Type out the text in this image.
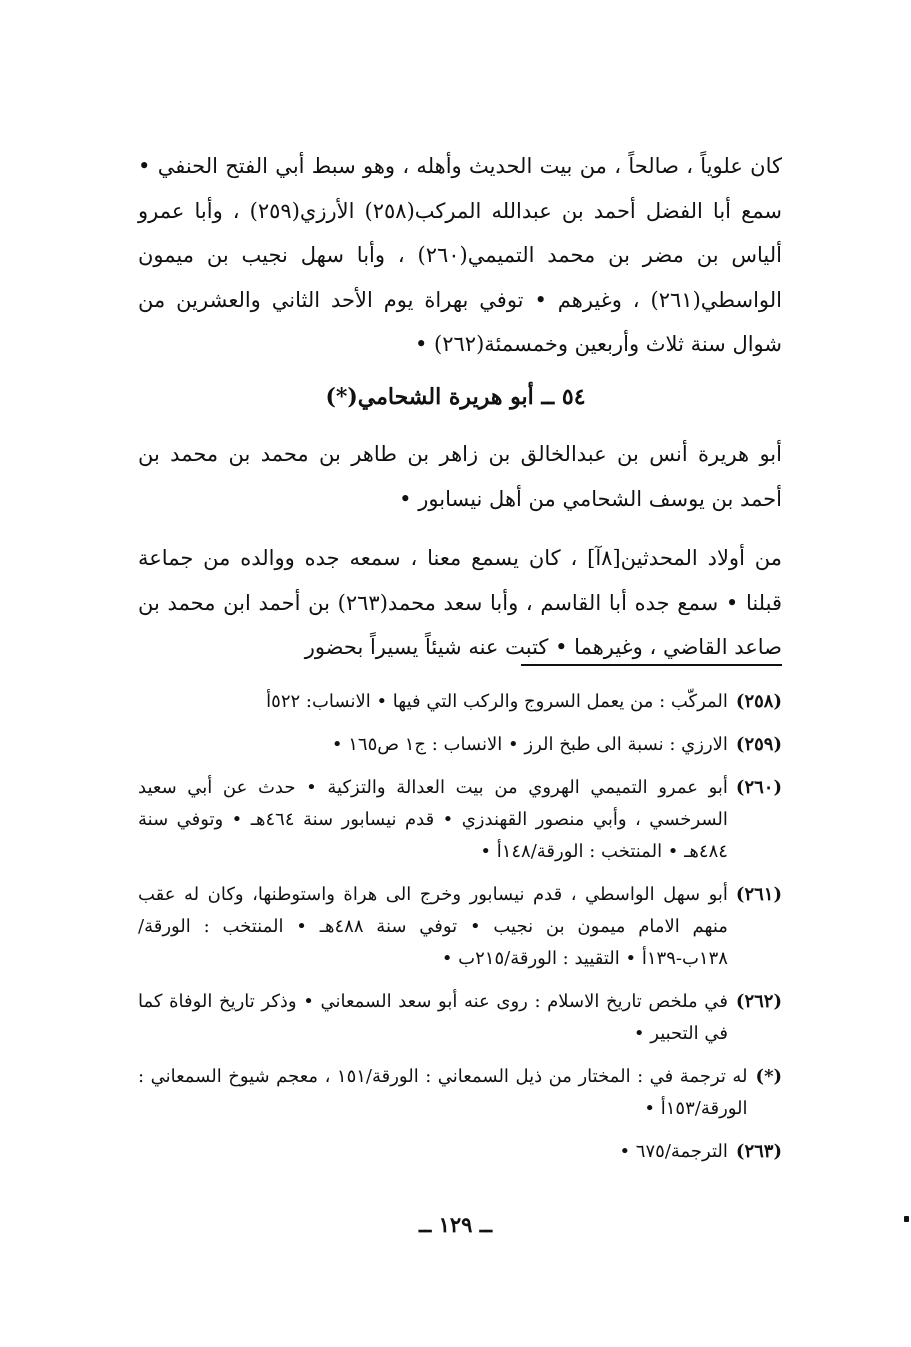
كان علوياً ، صالحاً ، من بيت الحديث وأهله ، وهو سبط أبي الفتح الحنفي • سمع أبا الفضل أحمد بن عبدالله المركب(٢٥٨) الأرزي(٢٥٩) ، وأبا عمرو ألياس بن مضر بن محمد التميمي(٢٦٠) ، وأبا سهل نجيب بن ميمون الواسطي(٢٦١) ، وغيرهم • توفي بهراة يوم الأحد الثاني والعشرين من شوال سنة ثلاث وأربعين وخمسمئة(٢٦٢) •

٥٤ ــ أبو هريرة الشحامي(*)

أبو هريرة أنس بن عبدالخالق بن زاهر بن طاهر بن محمد بن محمد بن أحمد بن يوسف الشحامي من أهل نيسابور •

من أولاد المحدثين[٨آ] ، كان يسمع معنا ، سمعه جده ووالده من جماعة قبلنا • سمع جده أبا القاسم ، وأبا سعد محمد(٢٦٣) بن أحمد ابن محمد بن صاعد القاضي ، وغيرهما • كتبت عنه شيئاً يسيراً بحضور

(٢٥٨)
المركّب : من يعمل السروج والركب التي فيها • الانساب: ٥٢٢أ
(٢٥٩)
الارزي : نسبة الى طبخ الرز • الانساب : ج١ ص١٦٥ •
(٢٦٠)
أبو عمرو التميمي الهروي من بيت العدالة والتزكية • حدث عن أبي سعيد السرخسي ، وأبي منصور القهندزي • قدم نيسابور سنة ٤٦٤هـ • وتوفي سنة ٤٨٤هـ • المنتخب : الورقة/١٤٨أ •
(٢٦١)
أبو سهل الواسطي ، قدم نيسابور وخرج الى هراة واستوطنها، وكان له عقب منهم الامام ميمون بن نجيب • توفي سنة ٤٨٨هـ • المنتخب : الورقة/١٣٨ب-١٣٩أ • التقييد : الورقة/٢١٥ب •
(٢٦٢)
في ملخص تاريخ الاسلام : روى عنه أبو سعد السمعاني • وذكر تاريخ الوفاة كما في التحبير •
(*)
له ترجمة في : المختار من ذيل السمعاني : الورقة/١٥١ ، معجم شيوخ السمعاني : الورقة/١٥٣أ •
(٢٦٣)
الترجمة/٦٧٥ •
ــ ١٢٩ ــ
